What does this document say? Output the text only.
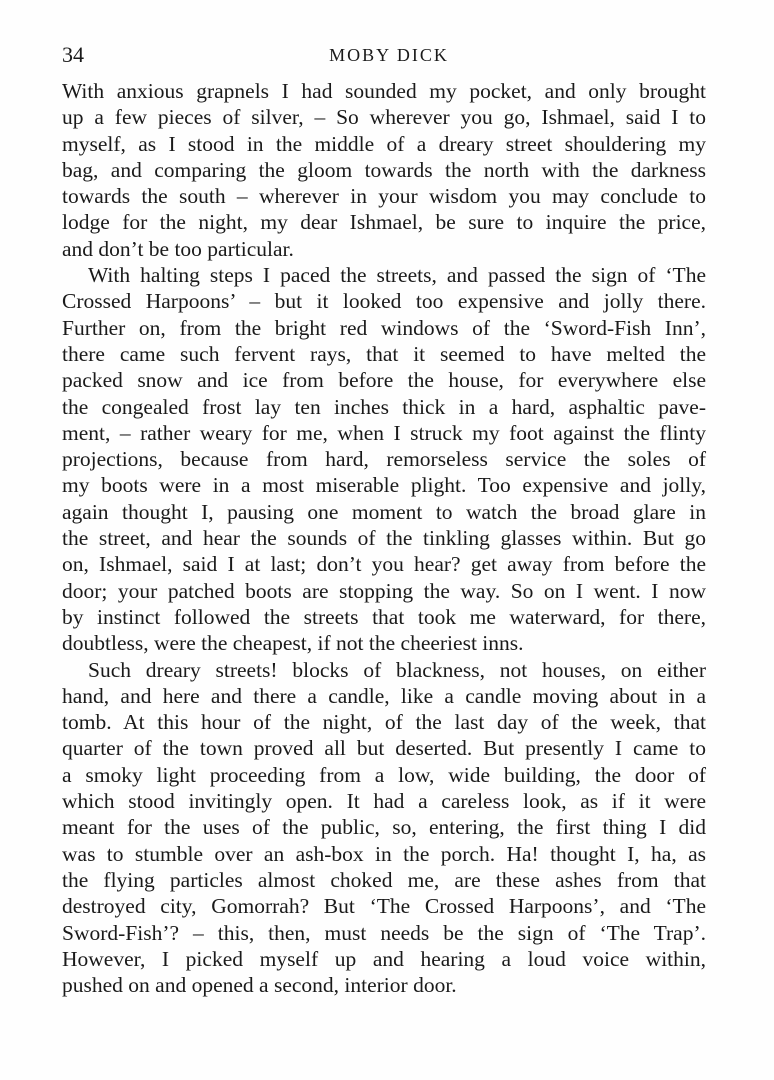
34	MOBY DICK
With anxious grapnels I had sounded my pocket, and only brought
up a few pieces of silver, – So wherever you go, Ishmael, said I to
myself, as I stood in the middle of a dreary street shouldering my
bag, and comparing the gloom towards the north with the darkness
towards the south – wherever in your wisdom you may conclude to
lodge for the night, my dear Ishmael, be sure to inquire the price,
and don’t be too particular.
With halting steps I paced the streets, and passed the sign of ‘The
Crossed Harpoons’ – but it looked too expensive and jolly there.
Further on, from the bright red windows of the ‘Sword-Fish Inn’,
there came such fervent rays, that it seemed to have melted the
packed snow and ice from before the house, for everywhere else
the congealed frost lay ten inches thick in a hard, asphaltic pave-
ment, – rather weary for me, when I struck my foot against the flinty
projections, because from hard, remorseless service the soles of
my boots were in a most miserable plight. Too expensive and jolly,
again thought I, pausing one moment to watch the broad glare in
the street, and hear the sounds of the tinkling glasses within. But go
on, Ishmael, said I at last; don’t you hear? get away from before the
door; your patched boots are stopping the way. So on I went. I now
by instinct followed the streets that took me waterward, for there,
doubtless, were the cheapest, if not the cheeriest inns.
Such dreary streets! blocks of blackness, not houses, on either
hand, and here and there a candle, like a candle moving about in a
tomb. At this hour of the night, of the last day of the week, that
quarter of the town proved all but deserted. But presently I came to
a smoky light proceeding from a low, wide building, the door of
which stood invitingly open. It had a careless look, as if it were
meant for the uses of the public, so, entering, the first thing I did
was to stumble over an ash-box in the porch. Ha! thought I, ha, as
the flying particles almost choked me, are these ashes from that
destroyed city, Gomorrah? But ‘The Crossed Harpoons’, and ‘The
Sword-Fish’? – this, then, must needs be the sign of ‘The Trap’.
However, I picked myself up and hearing a loud voice within,
pushed on and opened a second, interior door.
